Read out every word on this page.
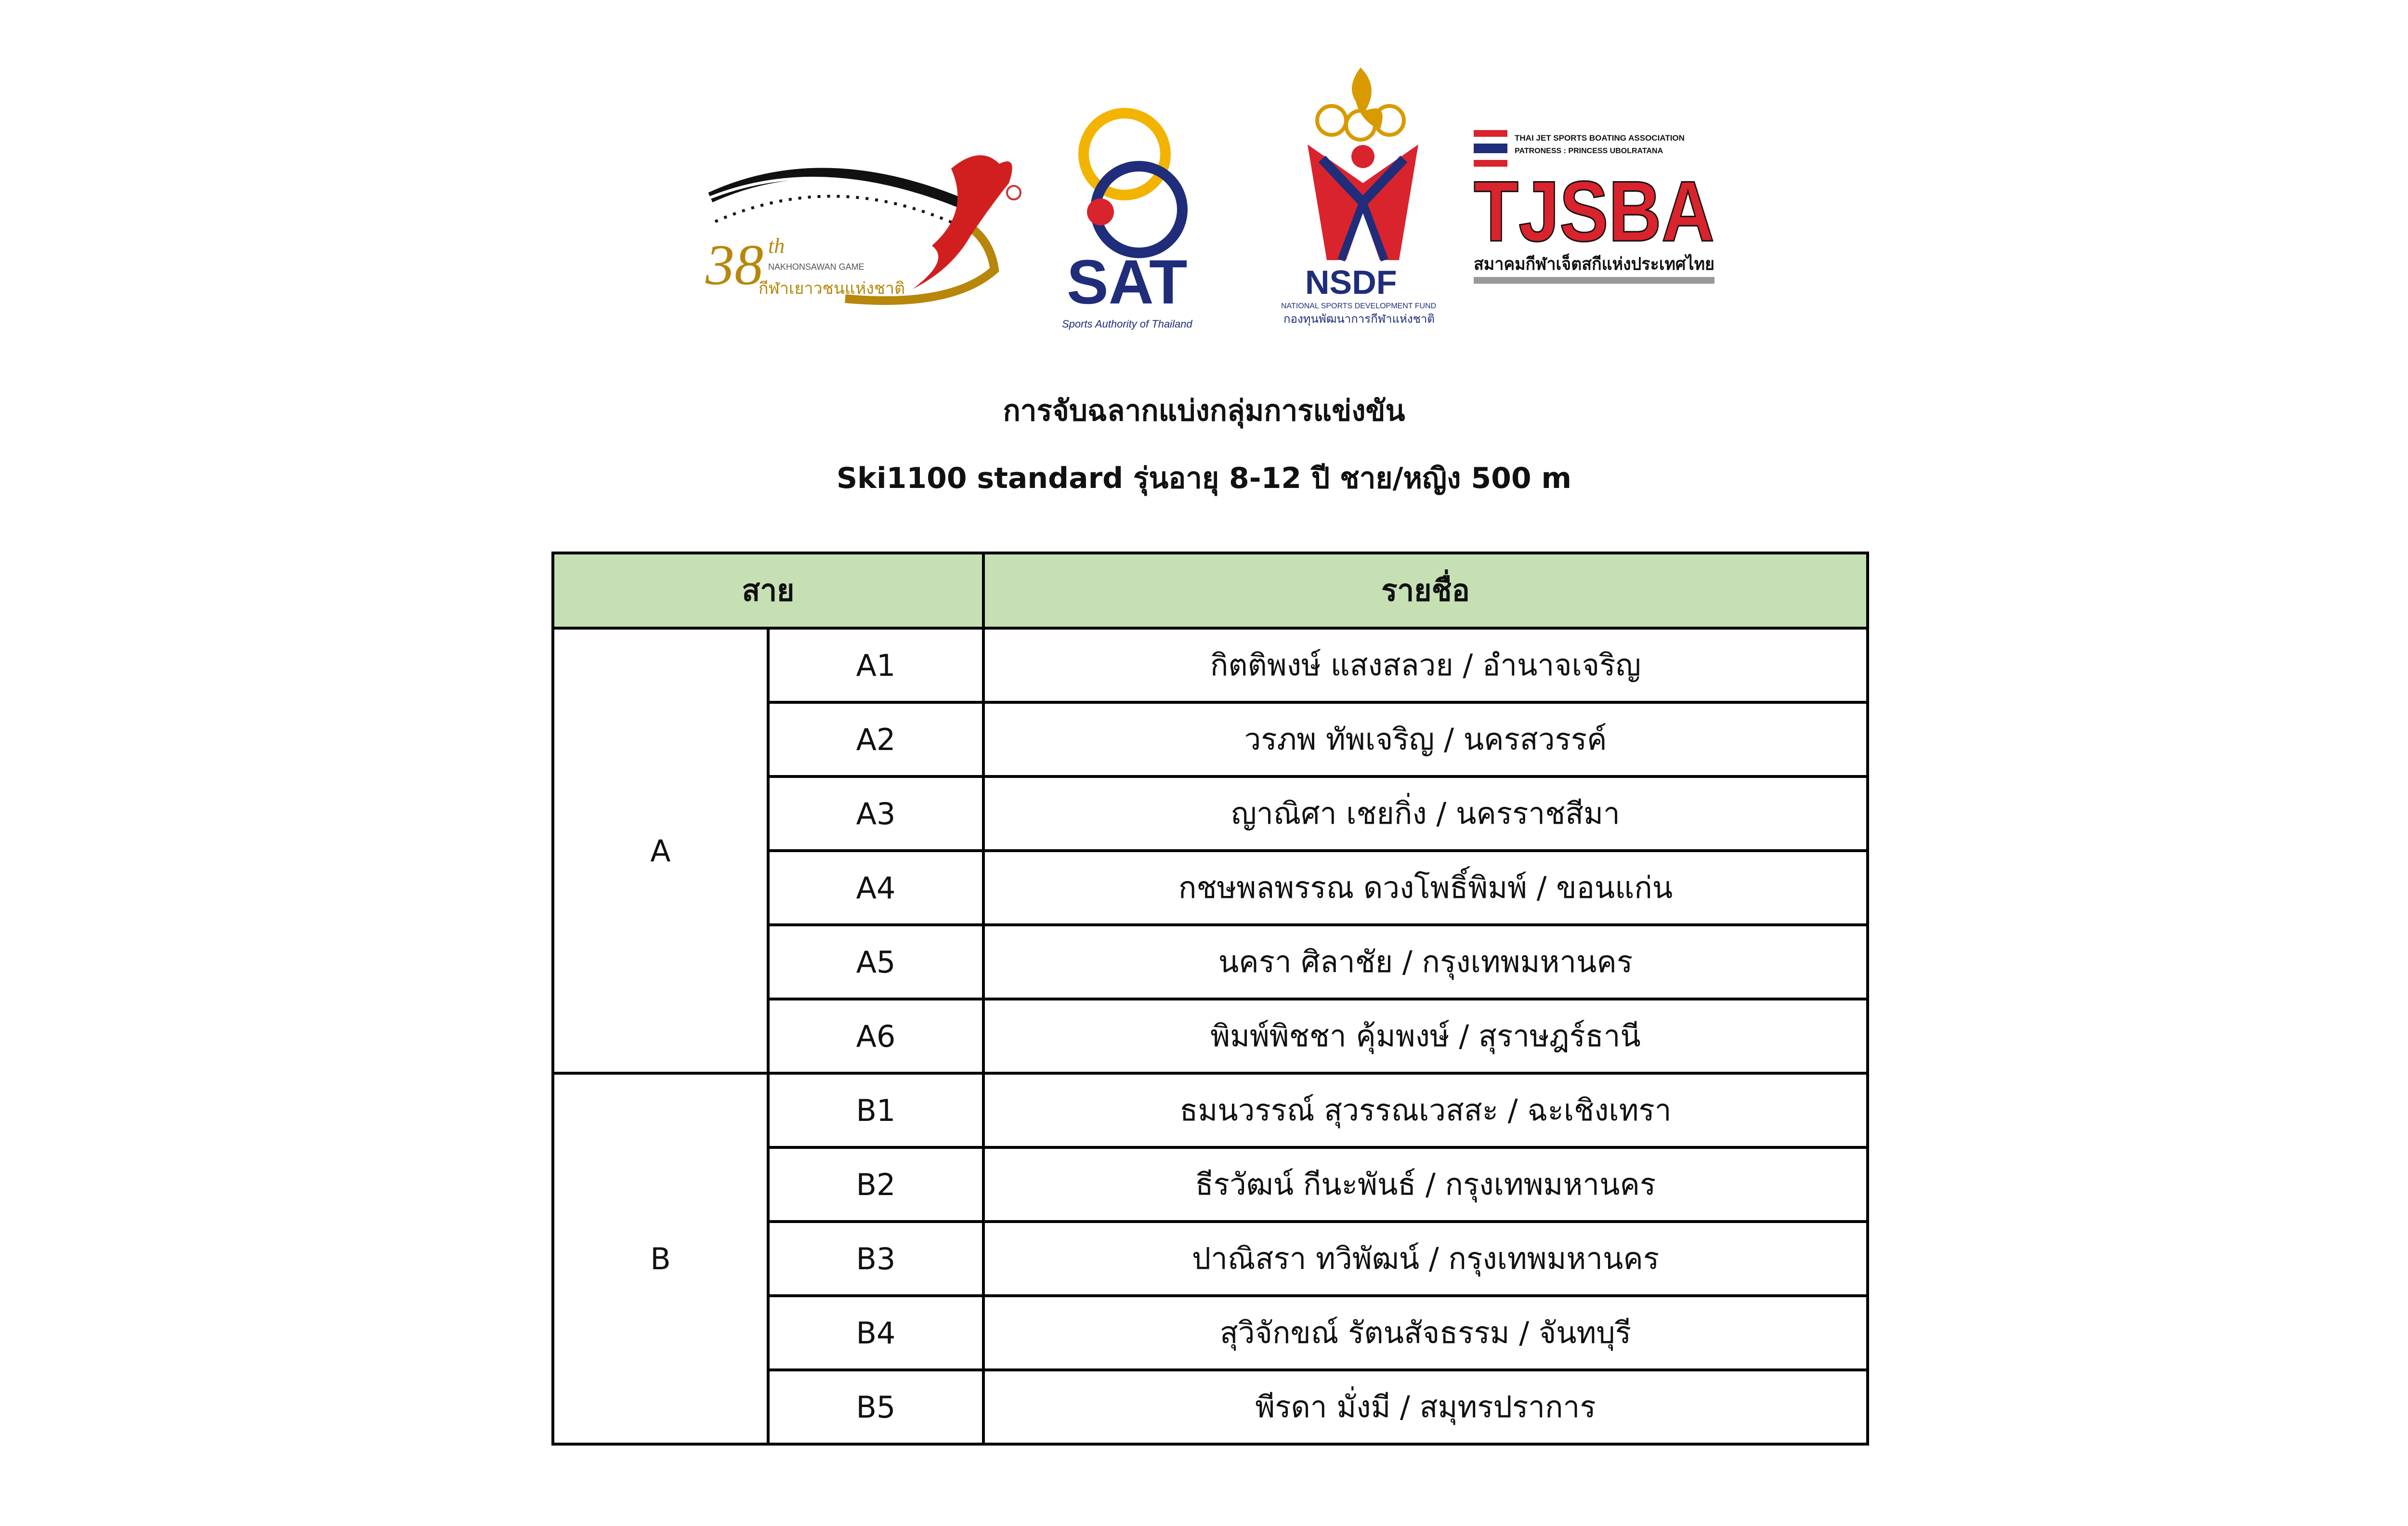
38 th
NAKHONSAWAN GAME
กีฬาเยาวชนแห่งชาติ	SAT
Sports Authority of Thailand
NSDF
NATIONAL SPORTS DEVELOPMENT FUND
กองทุนพัฒนาการกีฬาแห่งชาติ
THAI JET SPORTS BOATING ASSOCIATION
PATRONESS : PRINCESS UBOLRATANA
TJSBA
สมาคมกีฬาเจ็ตสกีแห่งประเทศไทย
การจับฉลากแบ่งกลุ่มการแข่งขัน
Ski1100 standard รุ่นอายุ 8-12 ปี ชาย/หญิง 500 m
สาย		รายชื่อ
A	A1	กิตติพงษ์ แสงสลวย / อำนาจเจริญ
	A2	วรภพ ทัพเจริญ / นครสวรรค์
	A3	ญาณิศา เชยกิ่ง / นครราชสีมา
	A4	กชษพลพรรณ ดวงโพธิ์พิมพ์ / ขอนแก่น
	A5	นครา ศิลาชัย / กรุงเทพมหานคร
	A6	พิมพ์พิชชา คุ้มพงษ์ / สุราษฎร์ธานี
B	B1	ธมนวรรณ์ สุวรรณเวสสะ / ฉะเชิงเทรา
	B2	ธีรวัฒน์ กีนะพันธ์ / กรุงเทพมหานคร
	B3	ปาณิสรา ทวิพัฒน์ / กรุงเทพมหานคร
	B4	สุวิจักขณ์ รัตนสัจธรรม / จันทบุรี
	B5	พีรดา มั่งมี / สมุทรปราการ
